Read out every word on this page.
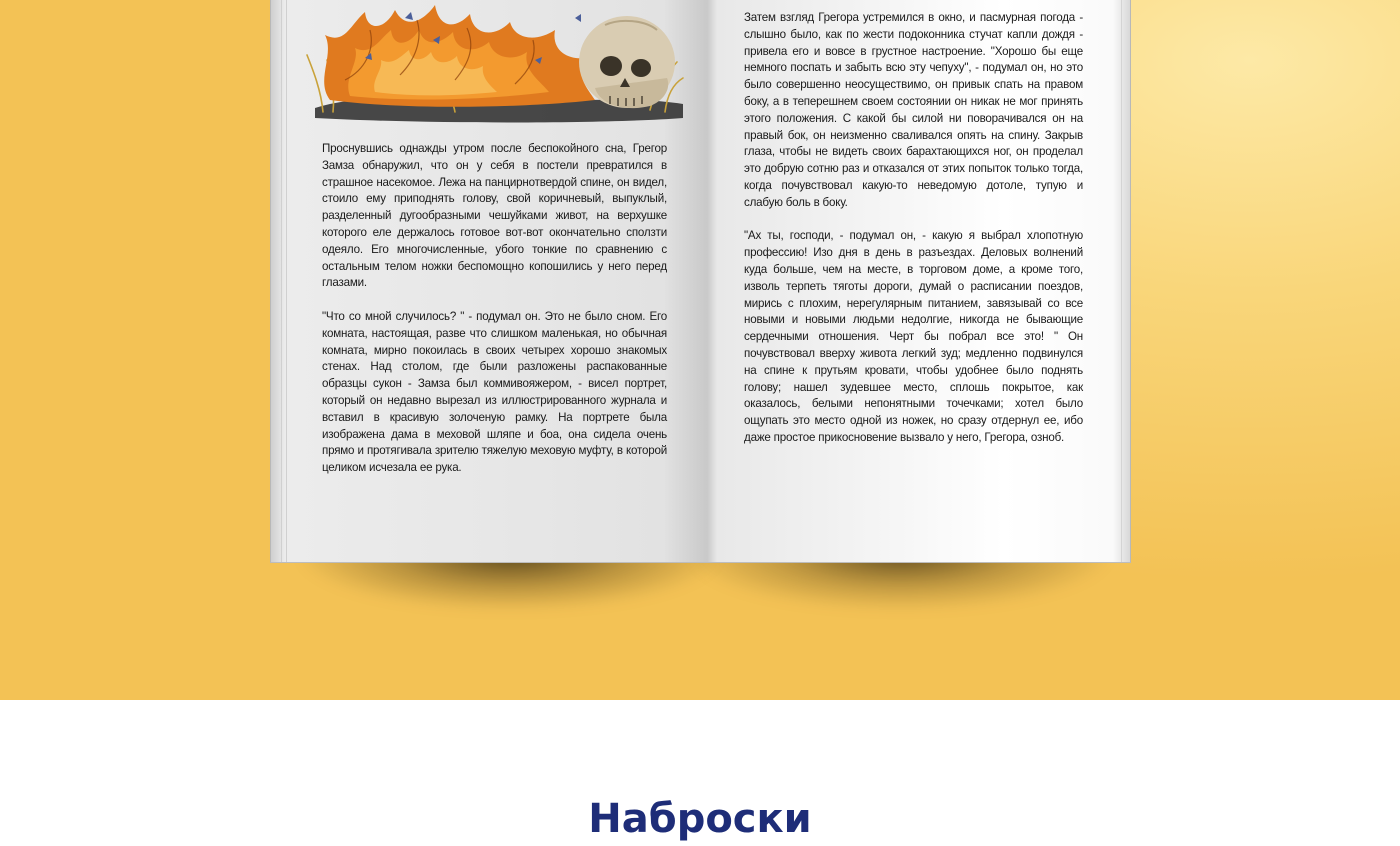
Проснувшись однажды утром после беспокойного сна, Грегор Замза обнаружил, что он у себя в постели превратился в страшное насекомое. Лежа на панцирнотвердой спине, он видел, стоило ему приподнять голову, свой коричневый, выпуклый, разделенный дугообразными чешуйками живот, на верхушке которого еле держалось готовое вот-вот окончательно сползти одеяло. Его многочисленные, убого тонкие по сравнению с остальным телом ножки беспомощно копошились у него перед глазами.

"Что со мной случилось? " - подумал он. Это не было сном. Его комната, настоящая, разве что слишком маленькая, но обычная комната, мирно покоилась в своих четырех хорошо знакомых стенах. Над столом, где были разложены распакованные образцы сукон - Замза был коммивояжером, - висел портрет, который он недавно вырезал из иллюстрированного журнала и вставил в красивую золоченую рамку. На портрете была изображена дама в меховой шляпе и боа, она сидела очень прямо и протягивала зрителю тяжелую меховую муфту, в которой целиком исчезала ее рука.

Затем взгляд Грегора устремился в окно, и пасмурная погода - слышно было, как по жести подоконника стучат капли дождя - привела его и вовсе в грустное настроение. "Хорошо бы еще немного поспать и забыть всю эту чепуху", - подумал он, но это было совершенно неосуществимо, он привык спать на правом боку, а в теперешнем своем состоянии он никак не мог принять этого положения. С какой бы силой ни поворачивался он на правый бок, он неизменно сваливался опять на спину. Закрыв глаза, чтобы не видеть своих барахтающихся ног, он проделал это добрую сотню раз и отказался от этих попыток только тогда, когда почувствовал какую-то неведомую дотоле, тупую и слабую боль в боку.

"Ах ты, господи, - подумал он, - какую я выбрал хлопотную профессию! Изо дня в день в разъездах. Деловых волнений куда больше, чем на месте, в торговом доме, а кроме того, изволь терпеть тяготы дороги, думай о расписании поездов, мирись с плохим, нерегулярным питанием, завязывай со все новыми и новыми людьми недолгие, никогда не бывающие сердечными отношения. Черт бы побрал все это! " Он почувствовал вверху живота легкий зуд; медленно подвинулся на спине к прутьям кровати, чтобы удобнее было поднять голову; нашел зудевшее место, сплошь покрытое, как оказалось, белыми непонятными точечками; хотел было ощупать это место одной из ножек, но сразу отдернул ее, ибо даже простое прикосновение вызвало у него, Грегора, озноб.

Наброски
